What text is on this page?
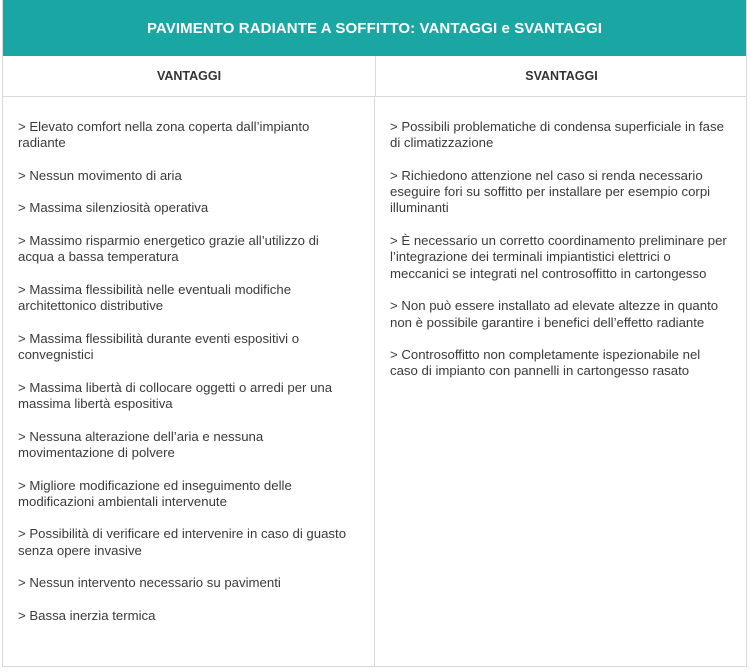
PAVIMENTO RADIANTE A SOFFITTO: VANTAGGI e SVANTAGGI
VANTAGGI	SVANTAGGI

> Elevato comfort nella zona coperta dall’impianto radiante

> Nessun movimento di aria

> Massima silenziosità operativa

> Massimo risparmio energetico grazie all’utilizzo di acqua a bassa temperatura

> Massima flessibilità nelle eventuali modifiche architettonico distributive

> Massima flessibilità durante eventi espositivi o convegnistici

> Massima libertà di collocare oggetti o arredi per una massima libertà espositiva

> Nessuna alterazione dell’aria e nessuna movimentazione di polvere

> Migliore modificazione ed inseguimento delle modificazioni ambientali intervenute

> Possibilità di verificare ed intervenire in caso di guasto senza opere invasive

> Nessun intervento necessario su pavimenti

> Bassa inerzia termica

> Possibili problematiche di condensa superficiale in fase di climatizzazione

> Richiedono attenzione nel caso si renda necessario eseguire fori su soffitto per installare per esempio corpi illuminanti

> È necessario un corretto coordinamento preliminare per l’integrazione dei terminali impiantistici elettrici o meccanici se integrati nel controsoffitto in cartongesso

> Non può essere installato ad elevate altezze in quanto non è possibile garantire i benefici dell’effetto radiante

> Controsoffitto non completamente ispezionabile nel caso di impianto con pannelli in cartongesso rasato
